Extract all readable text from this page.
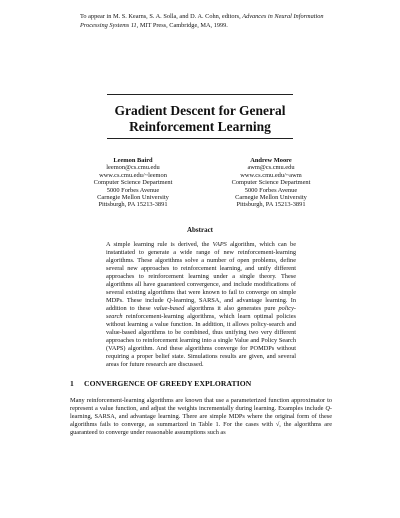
To appear in M. S. Kearns, S. A. Solla, and D. A. Cohn, editors, Advances in Neural Information Processing Systems 11, MIT Press, Cambridge, MA, 1999.
Gradient Descent for General
Reinforcement Learning
Leemon Baird
leemon@cs.cmu.edu
www.cs.cmu.edu/~leemon
Computer Science Department
5000 Forbes Avenue
Carnegie Mellon University
Pittsburgh, PA 15213-3891
Andrew Moore
awm@cs.cmu.edu
www.cs.cmu.edu/~awm
Computer Science Department
5000 Forbes Avenue
Carnegie Mellon University
Pittsburgh, PA 15213-3891
Abstract
A simple learning rule is derived, the VAPS algorithm, which can be instantiated to generate a wide range of new reinforcement-learning algorithms. These algorithms solve a number of open problems, define several new approaches to reinforcement learning, and unify different approaches to reinforcement learning under a single theory. These algorithms all have guaranteed convergence, and include modifications of several existing algorithms that were known to fail to converge on simple MDPs. These include Q-learning, SARSA, and advantage learning. In addition to these value-based algorithms it also generates pure policy-search reinforcement-learning algorithms, which learn optimal policies without learning a value function. In addition, it allows policy-search and value-based algorithms to be combined, thus unifying two very different approaches to reinforcement learning into a single Value and Policy Search (VAPS) algorithm. And these algorithms converge for POMDPs without requiring a proper belief state. Simulations results are given, and several areas for future research are discussed.
1 CONVERGENCE OF GREEDY EXPLORATION
Many reinforcement-learning algorithms are known that use a parameterized function approximator to represent a value function, and adjust the weights incrementally during learning. Examples include Q-learning, SARSA, and advantage learning. There are simple MDPs where the original form of these algorithms fails to converge, as summarized in Table 1. For the cases with √, the algorithms are guaranteed to converge under reasonable assumptions such as
